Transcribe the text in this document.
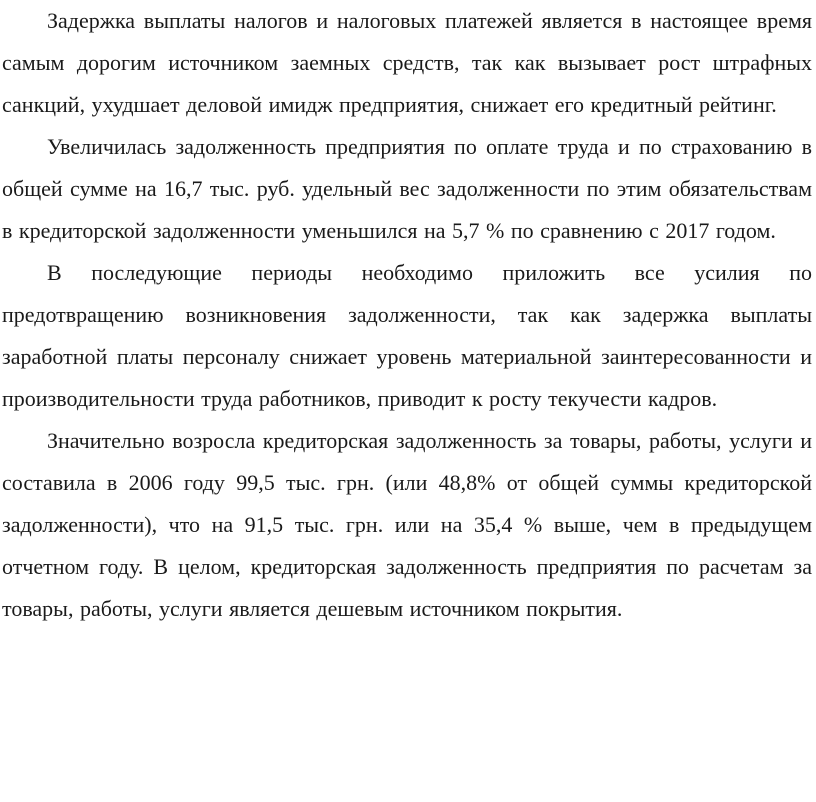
Задержка выплаты налогов и налоговых платежей является в настоящее время самым дорогим источником заемных средств, так как вызывает рост штрафных санкций, ухудшает деловой имидж предприятия, снижает его кредитный рейтинг.

Увеличилась задолженность предприятия по оплате труда и по страхованию в общей сумме на 16,7 тыс. руб. удельный вес задолженности по этим обязательствам в кредиторской задолженности уменьшился на 5,7 % по сравнению с 2017 годом.

В последующие периоды необходимо приложить все усилия по предотвращению возникновения задолженности, так как задержка выплаты заработной платы персоналу снижает уровень материальной заинтересованности и производительности труда работников, приводит к росту текучести кадров.

Значительно возросла кредиторская задолженность за товары, работы, услуги и составила в 2006 году 99,5 тыс. грн. (или 48,8% от общей суммы кредиторской задолженности), что на 91,5 тыс. грн. или на 35,4 % выше, чем в предыдущем отчетном году. В целом, кредиторская задолженность предприятия по расчетам за товары, работы, услуги является дешевым источником покрытия.
